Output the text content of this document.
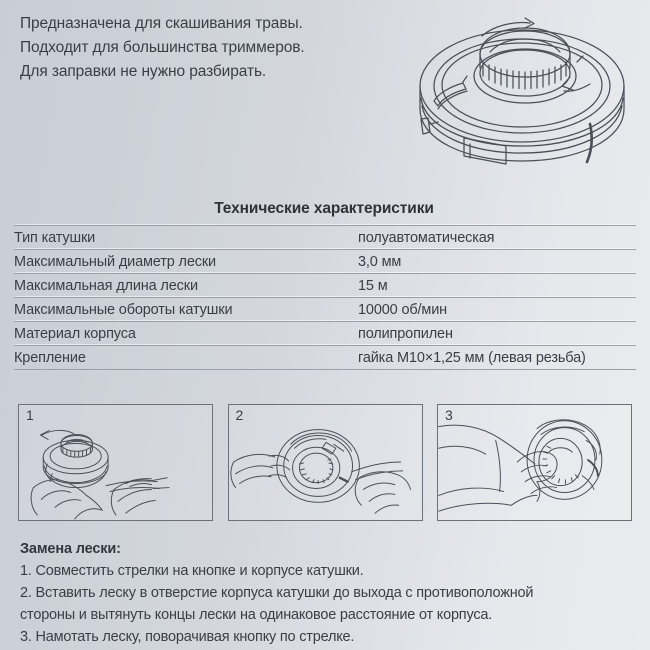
Предназначена для скашивания травы.
Подходит для большинства триммеров.
Для заправки не нужно разбирать.
Технические характеристики
Тип катушки	полуавтоматическая
Максимальный диаметр лески	3,0 мм
Максимальная длина лески	15 м
Максимальные обороты катушки	10000 об/мин
Материал корпуса	полипропилен
Крепление	гайка M10×1,25 мм (левая резьба)
1	2	3
Замена лески:
1. Совместить стрелки на кнопке и корпусе катушки.
2. Вставить леску в отверстие корпуса катушки до выхода с противоположной
стороны и вытянуть концы лески на одинаковое расстояние от корпуса.
3. Намотать леску, поворачивая кнопку по стрелке.
